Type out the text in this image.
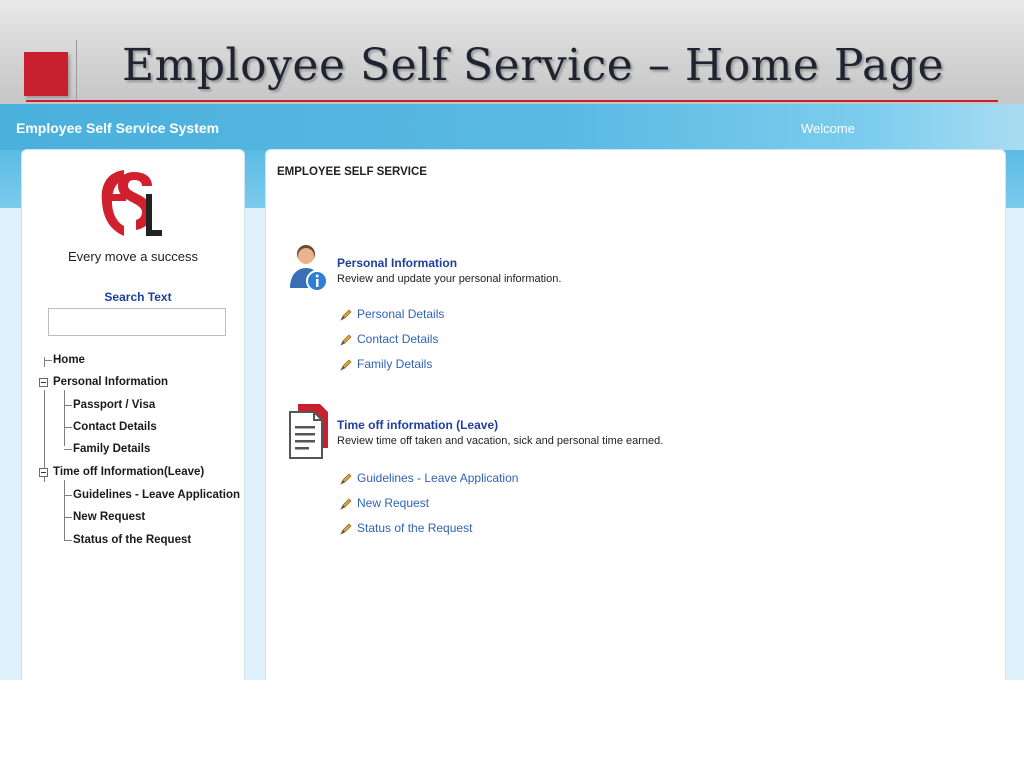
Employee Self Service – Home Page
Employee Self Service System	Welcome
FSL
Every move a success
Search Text
Home
Personal Information
Passport / Visa
Contact Details
Family Details
Time off Information(Leave)
Guidelines - Leave Application
New Request
Status of the Request
EMPLOYEE SELF SERVICE
Personal Information
Review and update your personal information.
Personal Details
Contact Details
Family Details
Time off information (Leave)
Review time off taken and vacation, sick and personal time earned.
Guidelines - Leave Application
New Request
Status of the Request
